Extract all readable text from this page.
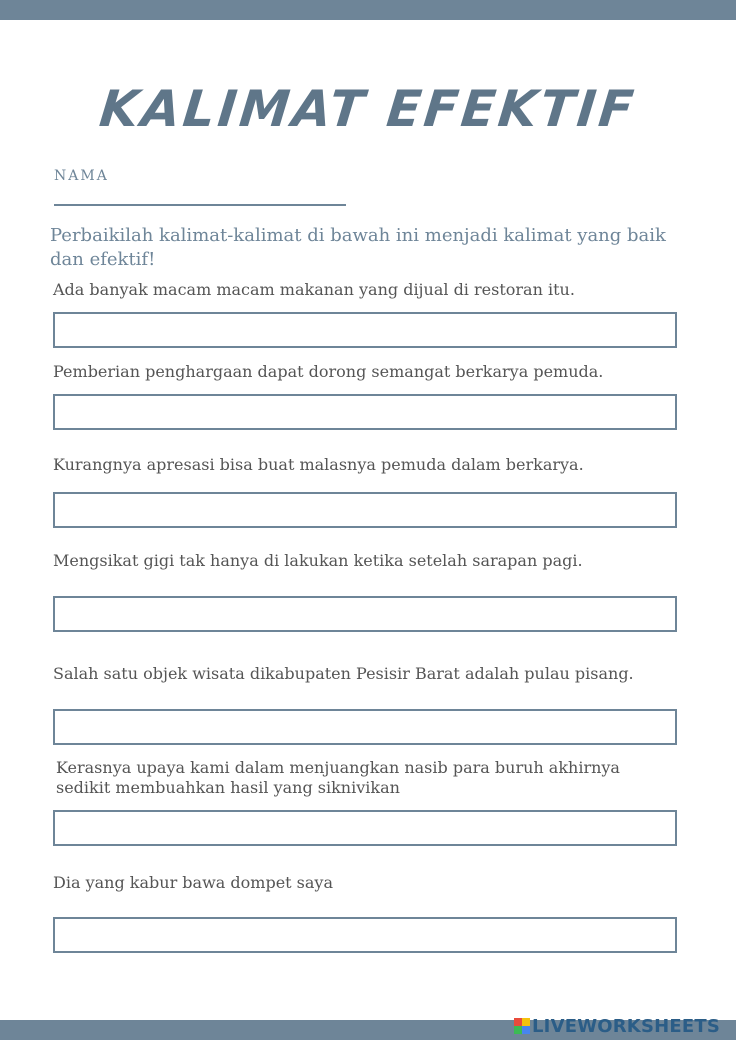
KALIMAT EFEKTIF
NAMA
Perbaikilah kalimat-kalimat di bawah ini menjadi kalimat yang baik dan efektif!
Ada banyak macam macam makanan yang dijual di restoran itu.
Pemberian penghargaan dapat dorong semangat berkarya pemuda.
Kurangnya apresasi bisa buat malasnya pemuda dalam berkarya.
Mengsikat gigi tak hanya di lakukan ketika setelah sarapan pagi.
Salah satu objek wisata dikabupaten Pesisir Barat adalah pulau pisang.
Kerasnya upaya kami dalam menjuangkan nasib para buruh akhirnya sedikit membuahkan hasil yang siknivikan
Dia yang kabur bawa dompet saya
LIVEWORKSHEETS
